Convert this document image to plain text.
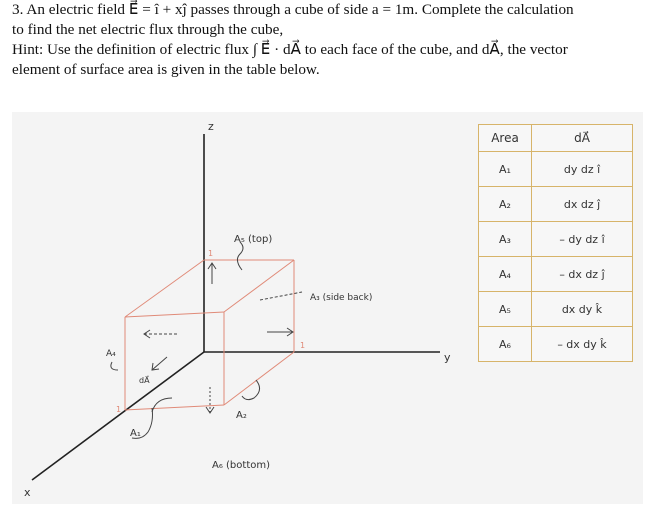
3. An electric field E⃗ = î + xĵ passes through a cube of side a = 1m. Complete the calculation

to find the net electric flux through the cube,

Hint: Use the definition of electric flux ∫ E⃗ · dA⃗ to each face of the cube, and dA⃗, the vector

element of surface area is given in the table below.

z
y
x
1
1
1
A₅ (top)
A₃ (side back)
A₄
dA⃗
A₁
A₂
A₆ (bottom)
Area	dA⃗
A₁	dy dz î
A₂	dx dz ĵ
A₃	– dy dz î
A₄	– dx dz ĵ
A₅	dx dy k̂
A₆	– dx dy k̂
